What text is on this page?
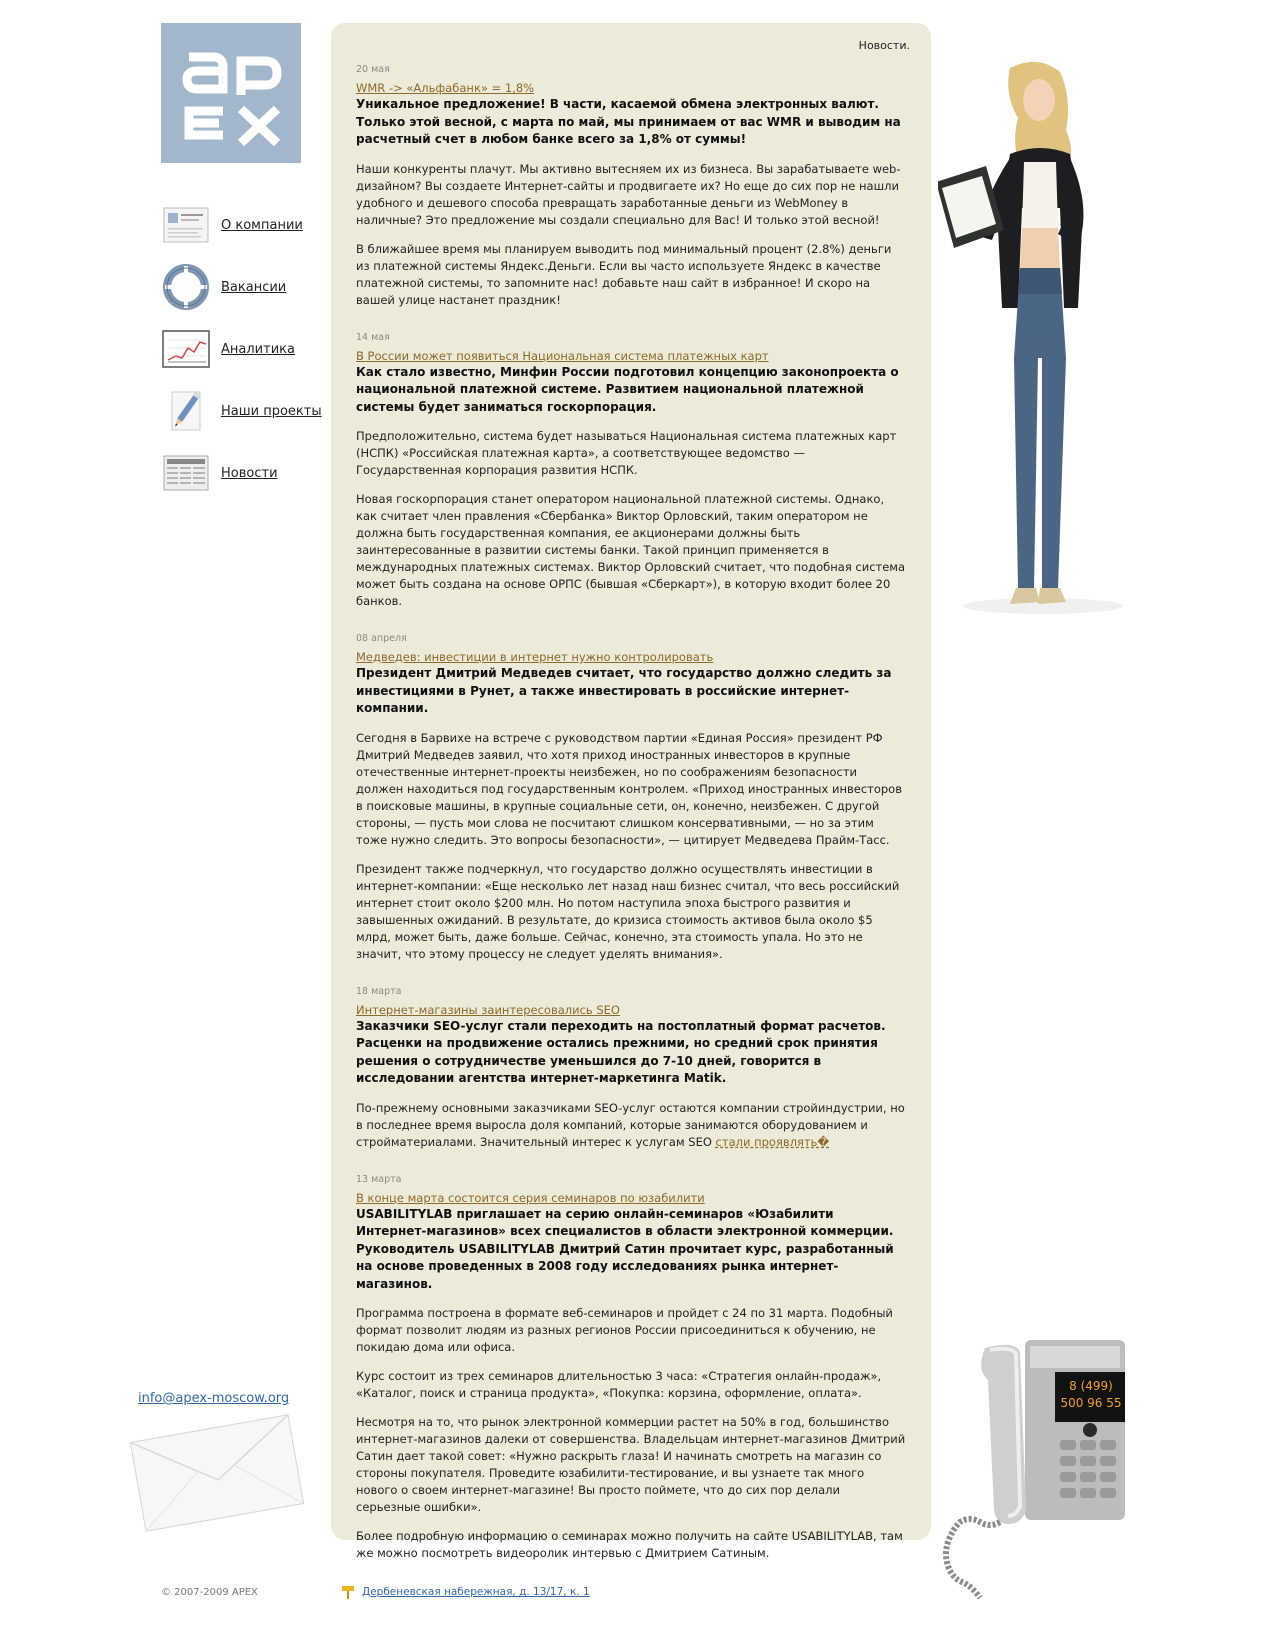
О компании
Вакансии
Аналитика
Наши проекты
Новости
Новости.
20 мая
WMR -> «Альфабанк» = 1,8%
Уникальное предложение! В части, касаемой обмена электронных валют. Только этой весной, с марта по май, мы принимаем от вас WMR и выводим на расчетный счет в любом банке всего за 1,8% от суммы!

Наши конкуренты плачут. Мы активно вытесняем их из бизнеса. Вы зарабатываете web-дизайном? Вы создаете Интернет-сайты и продвигаете их? Но еще до сих пор не нашли удобного и дешевого способа превращать заработанные деньги из WebMoney в наличные? Это предложение мы создали специально для Вас! И только этой весной!

В ближайшее время мы планируем выводить под минимальный процент (2.8%) деньги из платежной системы Яндекс.Деньги. Если вы часто используете Яндекс в качестве платежной системы, то запомните нас! добавьте наш сайт в избранное! И скоро на вашей улице настанет праздник!

14 мая
В России может появиться Национальная система платежных карт
Как стало известно, Минфин России подготовил концепцию законопроекта о национальной платежной системе. Развитием национальной платежной системы будет заниматься госкорпорация.

Предположительно, система будет называться Национальная система платежных карт (НСПК) «Российская платежная карта», а соответствующее ведомство — Государственная корпорация развития НСПК.

Новая госкорпорация станет оператором национальной платежной системы. Однако, как считает член правления «Сбербанка» Виктор Орловский, таким оператором не должна быть государственная компания, ее акционерами должны быть заинтересованные в развитии системы банки. Такой принцип применяется в международных платежных системах. Виктор Орловский считает, что подобная система может быть создана на основе ОРПС (бывшая «Сберкарт»), в которую входит более 20 банков.

08 апреля
Медведев: инвестиции в интернет нужно контролировать
Президент Дмитрий Медведев считает, что государство должно следить за инвестициями в Рунет, а также инвестировать в российские интернет-компании.

Сегодня в Барвихе на встрече с руководством партии «Единая Россия» президент РФ Дмитрий Медведев заявил, что хотя приход иностранных инвесторов в крупные отечественные интернет-проекты неизбежен, но по соображениям безопасности должен находиться под государственным контролем. «Приход иностранных инвесторов в поисковые машины, в крупные социальные сети, он, конечно, неизбежен. С другой стороны, — пусть мои слова не посчитают слишком консервативными, — но за этим тоже нужно следить. Это вопросы безопасности», — цитирует Медведева Прайм-Тасс.

Президент также подчеркнул, что государство должно осуществлять инвестиции в интернет-компании: «Еще несколько лет назад наш бизнес считал, что весь российский интернет стоит около $200 млн. Но потом наступила эпоха быстрого развития и завышенных ожиданий. В результате, до кризиса стоимость активов была около $5 млрд, может быть, даже больше. Сейчас, конечно, эта стоимость упала. Но это не значит, что этому процессу не следует уделять внимания».

18 марта
Интернет-магазины заинтересовались SEO
Заказчики SEO-услуг стали переходить на постоплатный формат расчетов. Расценки на продвижение остались прежними, но средний срок принятия решения о сотрудничестве уменьшился до 7-10 дней, говорится в исследовании агентства интернет-маркетинга Matik.

По-прежнему основными заказчиками SEO-услуг остаются компании стройиндустрии, но в последнее время выросла доля компаний, которые занимаются оборудованием и стройматериалами. Значительный интерес к услугам SEO стали проявлять�

13 марта
В конце марта состоится серия семинаров по юзабилити
USABILITYLAB приглашает на серию онлайн-семинаров «Юзабилити Интернет-магазинов» всех специалистов в области электронной коммерции. Руководитель USABILITYLAB Дмитрий Сатин прочитает курс, разработанный на основе проведенных в 2008 году исследованиях рынка интернет-магазинов.

Программа построена в формате веб-семинаров и пройдет с 24 по 31 марта. Подобный формат позволит людям из разных регионов России присоединиться к обучению, не покидаю дома или офиса.

Курс состоит из трех семинаров длительностью 3 часа: «Стратегия онлайн-продаж», «Каталог, поиск и страница продукта», «Покупка: корзина, оформление, оплата».

Несмотря на то, что рынок электронной коммерции растет на 50% в год, большинство интернет-магазинов далеки от совершенства. Владельцам интернет-магазинов Дмитрий Сатин дает такой совет: «Нужно раскрыть глаза! И начинать смотреть на магазин со стороны покупателя. Проведите юзабилити-тестирование, и вы узнаете так много нового о своем интернет-магазине! Вы просто поймете, что до сих пор делали серьезные ошибки».

Более подробную информацию о семинарах можно получить на сайте USABILITYLAB, там же можно посмотреть видеоролик интервью с Дмитрием Сатиным.

8 (499)
500 96 55
info@apex-moscow.org
© 2007-2009 APEX	Дербеневская набережная, д. 13/17, к. 1
